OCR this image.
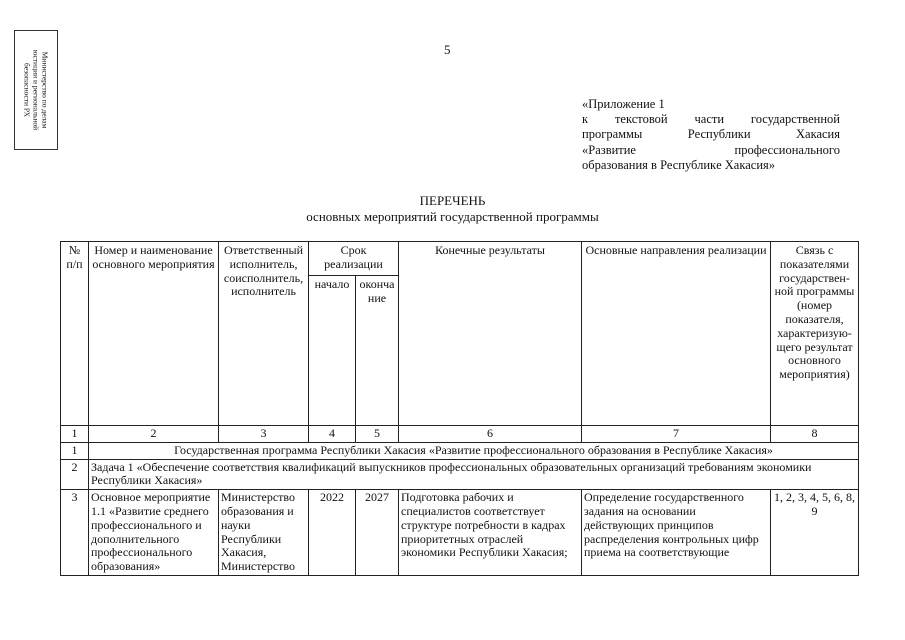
Министерство по делам
юстиции и региональной
безопасности РХ
5
«Приложение 1
к текстовой части государственной
программы Республики Хакасия
«Развитие профессионального
образования в Республикe Хакасия»
ПЕРЕЧЕНЬ
основных мероприятий государственной программы
№ п/п	Номер и наименование основного мероприятия	Ответственный исполнитель, соисполнитель, исполнитель	Срок реализации		Конечные результаты	Основные направления реализации	Связь с показателями государствен-ной программы (номер показателя, характеризую-щего результат основного мероприятия)
			начало	оконча ние			
1	2	3	4	5	6	7	8
1	Государственная программа Республики Хакасия «Развитие профессионального образования в Республике Хакасия»						
2	Задача 1 «Обеспечение соответствия квалификаций выпускников профессиональных образовательных организаций требованиям экономики Республики Хакасия»						
3	Основное мероприятие 1.1 «Развитие среднего профессионального и дополнительного профессионального образования»	Министерство образования и науки Республики Хакасия, Министерство	2022	2027	Подготовка рабочих и специалистов соответствует структуре потребности в кадрах приоритетных отраслей экономики Республики Хакасия;	Определение государственного задания на основании действующих принципов распределения контрольных цифр приема на соответствующие	1, 2, 3, 4, 5, 6, 8, 9
